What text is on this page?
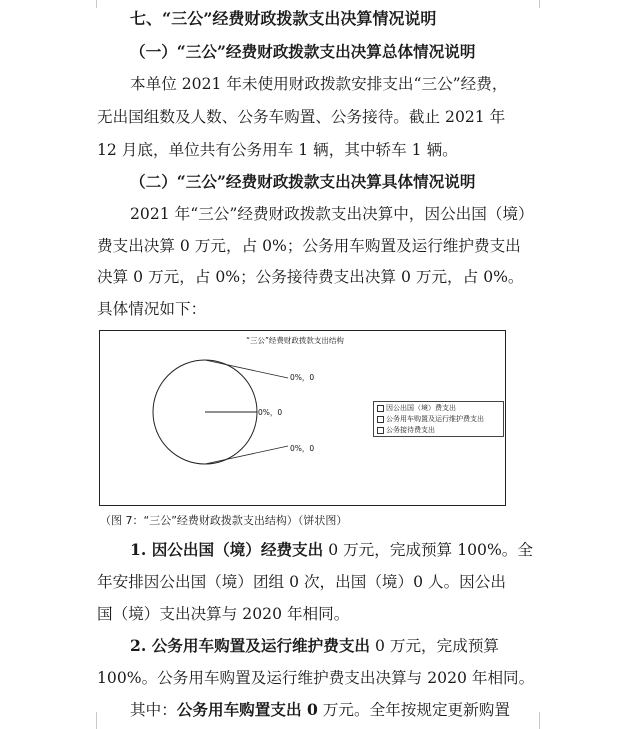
七、“三公”经费财政拨款支出决算情况说明
（一）“三公”经费财政拨款支出决算总体情况说明
本单位 2021 年未使用财政拨款安排支出“三公”经费，
无出国组数及人数、公务车购置、公务接待。截止 2021 年
12 月底，单位共有公务用车 1 辆，其中轿车 1 辆。
（二）“三公”经费财政拨款支出决算具体情况说明
2021 年“三公”经费财政拨款支出决算中，因公出国（境）
费支出决算 0 万元，占 0%；公务用车购置及运行维护费支出
决算 0 万元，占 0%；公务接待费支出决算 0 万元，占 0%。
具体情况如下：
“三公”经费财政拨款支出结构
0%，0
0%，0
0%，0
因公出国（境）费支出
公务用车购置及运行维护费支出
公务接待费支出
（图 7：“三公”经费财政拨款支出结构）（饼状图）
1. 因公出国（境）经费支出 0 万元，完成预算 100%。全
年安排因公出国（境）团组 0 次，出国（境）0 人。因公出
国（境）支出决算与 2020 年相同。
2. 公务用车购置及运行维护费支出 0 万元，完成预算
100%。公务用车购置及运行维护费支出决算与 2020 年相同。
其中：公务用车购置支出 0 万元。全年按规定更新购置
